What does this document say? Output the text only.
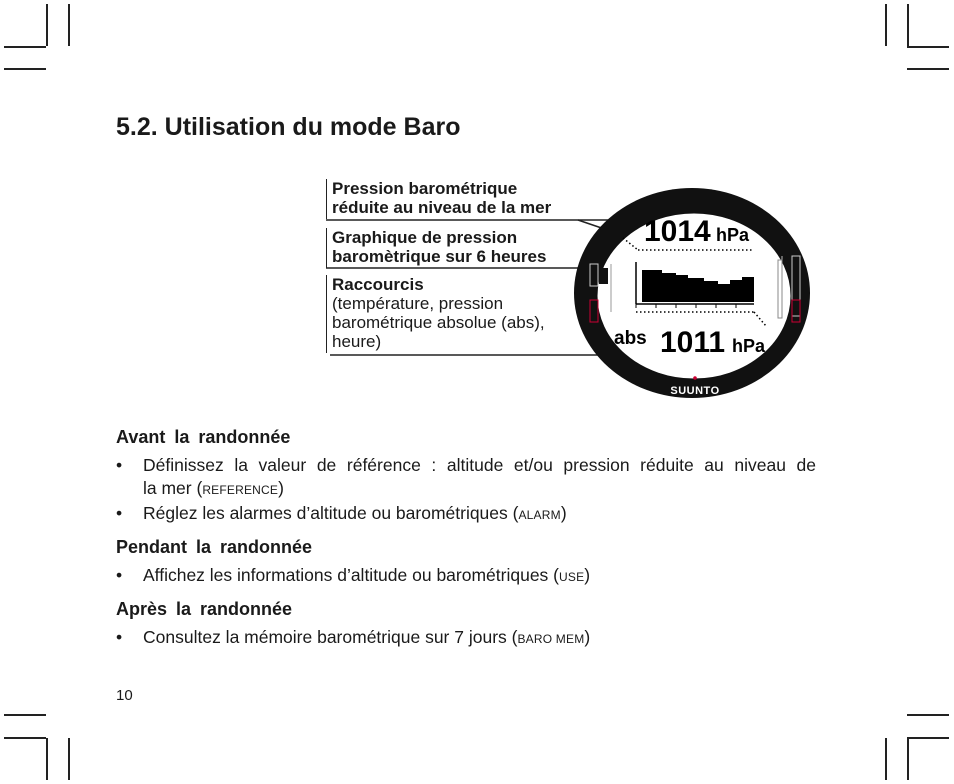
5.2. Utilisation du mode Baro
Pression barométrique
réduite au niveau de la mer
Graphique de pression
baromètrique sur 6 heures
Raccourcis
(température, pression
barométrique absolue (abs),
heure)
1014 hPa
abs 1011 hPa
SUUNTO
Avant la randonnée
• Définissez la valeur de référence : altitude et/ou pression réduite au niveau de
la mer (REFERENCE)
• Réglez les alarmes d’altitude ou barométriques (ALARM)
Pendant la randonnée
• Affichez les informations d’altitude ou barométriques (USE)
Après la randonnée
• Consultez la mémoire barométrique sur 7 jours (BARO MEM)
10
